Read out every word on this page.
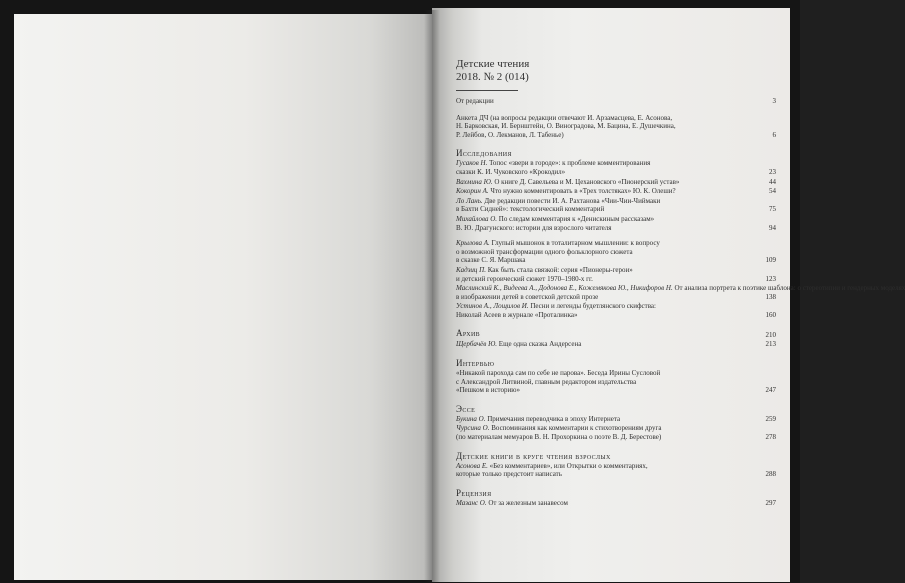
Детские чтения
2018. № 2 (014)
От редакции	3
Анкета ДЧ (на вопросы редакции отвечают И. Арзамасцева, Е. Асонова,
Н. Барковская, И. Бернштейн, О. Виноградова, М. Бацина, Е. Душечкина,
Р. Лейбов, О. Лекманов, Л. Табенье)	6
Исследования
Гусаков Н. Топос «звери в городе»: к проблеме комментирования
сказки К. И. Чуковского «Крокодил»	23
Вахмина Ю. О книге Д. Савельева и М. Цехановского «Пионерский устав»	44
Кокорин А. Что нужно комментировать в «Трех толстяках» Ю. К. Олеши?	54
Ло Лань. Две редакции повести И. А. Рахтанова «Чии-Чии-Чиймаки
в Бахти Сидней»: текстологический комментарий	75
Михайлова О. По следам комментария к «Денискиным рассказам»
В. Ю. Драгунского: истории для взрослого читателя	94
Крылова А. Глупый мышонок в тоталитарном мышлении: к вопросу
о возможной трансформации одного фольклорного сюжета
в сказке С. Я. Маршака	109
Кадзиц П. Как быть стала связкой: серия «Пионеры-герои»
и детский героический сюжет 1970–1980-х гг.	123
Маслинский К., Видеева А., Додонова Е., Кожемякова Ю., Никифоров Н. От анализа портрета к поэтике шаблона: о стереотипии и гендерных моделях
в изображении детей в советской детской прозе	138
Устинов А., Лощилов И. Песни и легенды будетлянского скифства:
Николай Асеев в журнале «Проталинка»	160
Архив	210
Щербачёв Ю. Еще одна сказка Андерсена	213
Интервью
«Никакой парохода сам по себе не парова». Беседа Ирины Сусловой
с Александрой Литвиной, главным редактором издательства
«Пешком в историю»	247
Эссе
Букина О. Примечания переводчика в эпоху Интернета	259
Чурсина О. Воспоминания как комментарии к стихотворениям друга
(по материалам мемуаров В. Н. Прохоркина о поэте В. Д. Берестове)	278
Детские книги в круге чтения взрослых
Асонова Е. «Без комментариев», или Открытки о комментариях,
которые только предстоит написать	288
Рецензия
Мазанс О. От за железным занавесом	297
